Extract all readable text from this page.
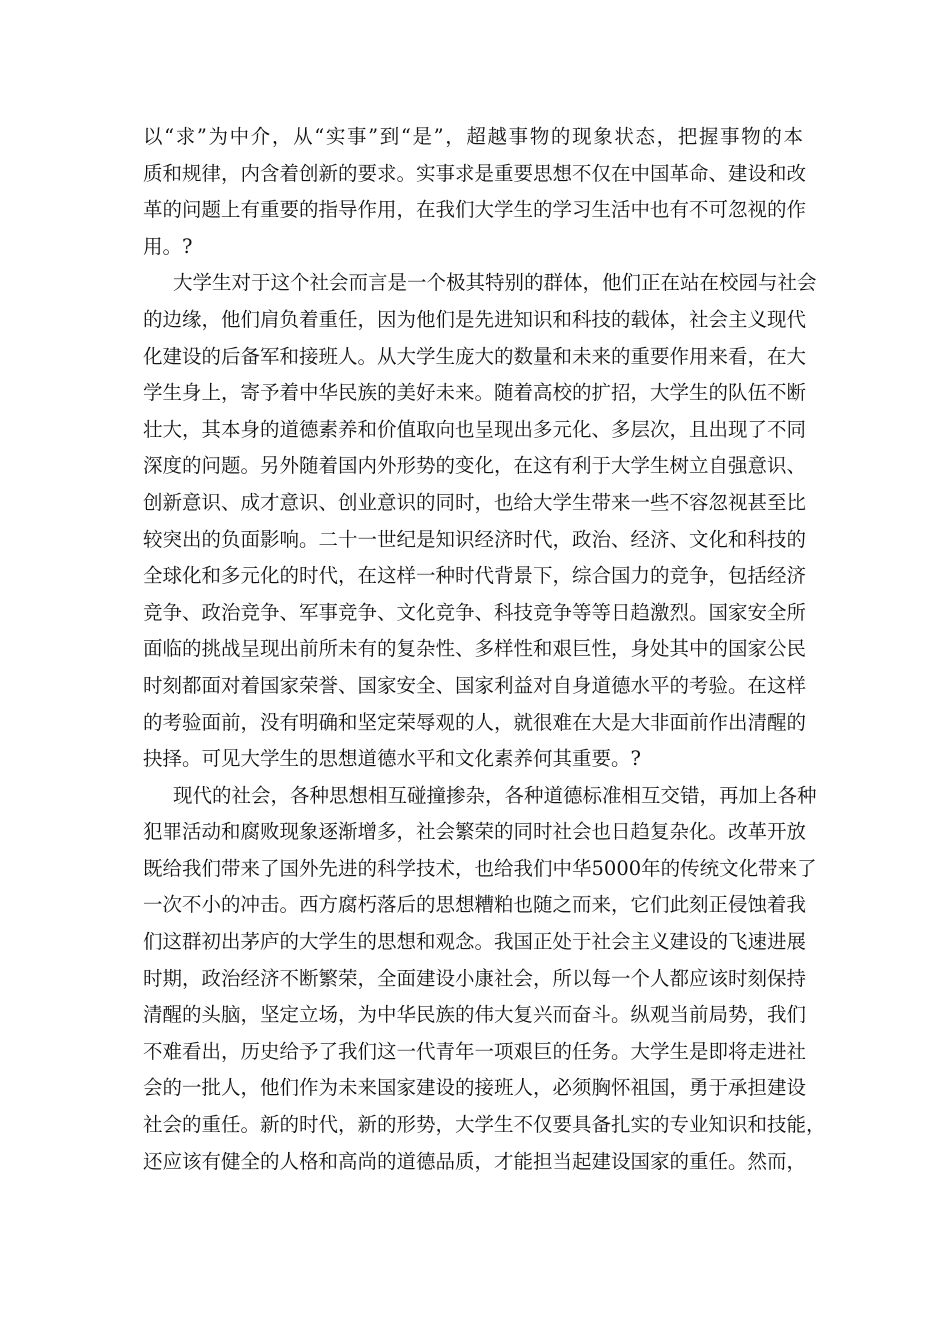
以“求”为中介，从“实事”到“是”，超越事物的现象状态，把握事物的本
质和规律，内含着创新的要求。实事求是重要思想不仅在中国革命、建设和改
革的问题上有重要的指导作用，在我们大学生的学习生活中也有不可忽视的作
用。?
大学生对于这个社会而言是一个极其特别的群体，他们正在站在校园与社会
的边缘，他们肩负着重任，因为他们是先进知识和科技的载体，社会主义现代
化建设的后备军和接班人。从大学生庞大的数量和未来的重要作用来看，在大
学生身上，寄予着中华民族的美好未来。随着高校的扩招，大学生的队伍不断
壮大，其本身的道德素养和价值取向也呈现出多元化、多层次，且出现了不同
深度的问题。另外随着国内外形势的变化，在这有利于大学生树立自强意识、
创新意识、成才意识、创业意识的同时，也给大学生带来一些不容忽视甚至比
较突出的负面影响。二十一世纪是知识经济时代，政治、经济、文化和科技的
全球化和多元化的时代，在这样一种时代背景下，综合国力的竞争，包括经济
竞争、政治竞争、军事竞争、文化竞争、科技竞争等等日趋激烈。国家安全所
面临的挑战呈现出前所未有的复杂性、多样性和艰巨性，身处其中的国家公民
时刻都面对着国家荣誉、国家安全、国家利益对自身道德水平的考验。在这样
的考验面前，没有明确和坚定荣辱观的人，就很难在大是大非面前作出清醒的
抉择。可见大学生的思想道德水平和文化素养何其重要。?
现代的社会，各种思想相互碰撞掺杂，各种道德标准相互交错，再加上各种
犯罪活动和腐败现象逐渐增多，社会繁荣的同时社会也日趋复杂化。改革开放
既给我们带来了国外先进的科学技术，也给我们中华5000年的传统文化带来了
一次不小的冲击。西方腐朽落后的思想糟粕也随之而来，它们此刻正侵蚀着我
们这群初出茅庐的大学生的思想和观念。我国正处于社会主义建设的飞速进展
时期，政治经济不断繁荣，全面建设小康社会，所以每一个人都应该时刻保持
清醒的头脑，坚定立场，为中华民族的伟大复兴而奋斗。纵观当前局势，我们
不难看出，历史给予了我们这一代青年一项艰巨的任务。大学生是即将走进社
会的一批人，他们作为未来国家建设的接班人，必须胸怀祖国，勇于承担建设
社会的重任。新的时代，新的形势，大学生不仅要具备扎实的专业知识和技能，
还应该有健全的人格和高尚的道德品质，才能担当起建设国家的重任。然而，
